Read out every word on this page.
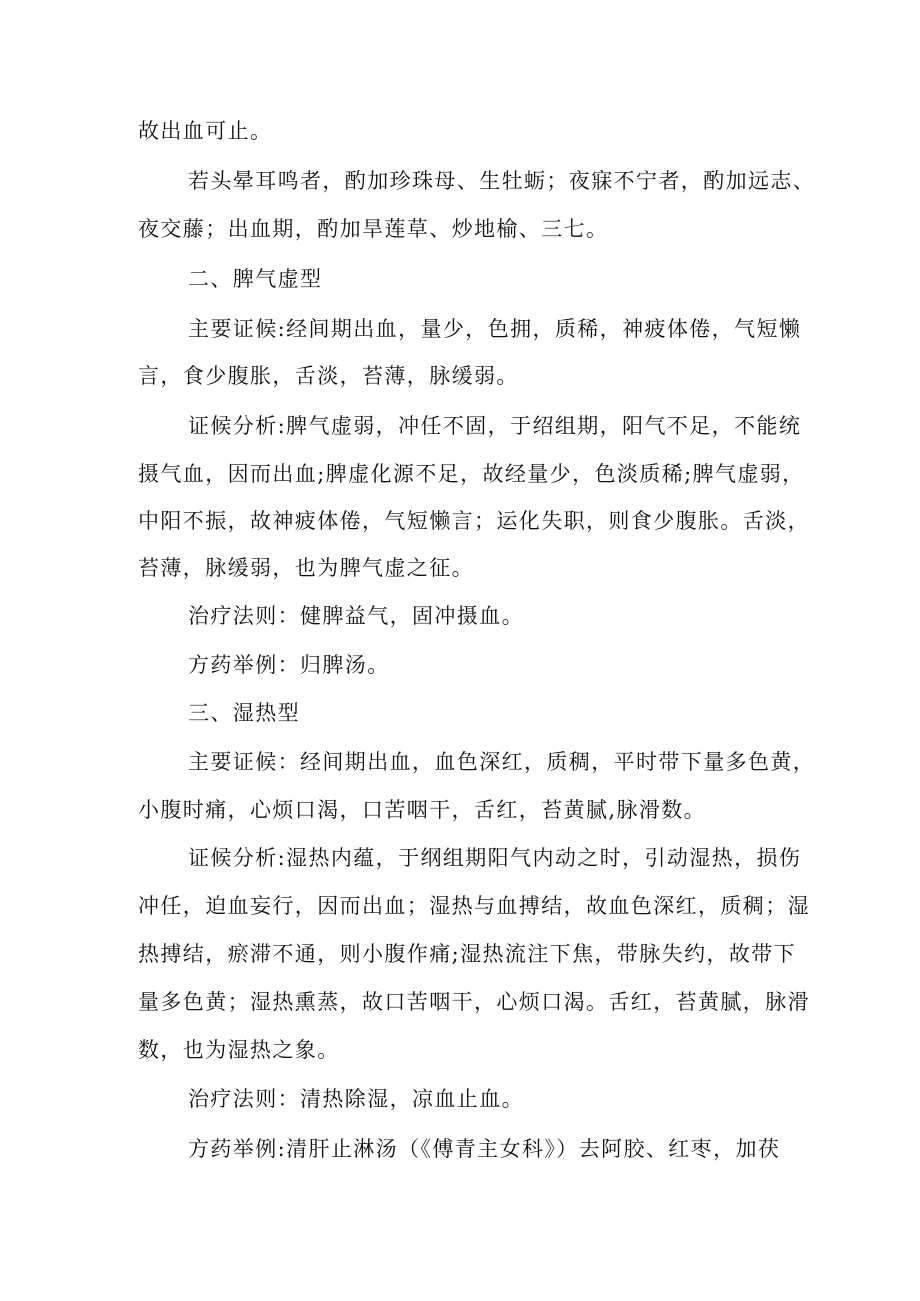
故出血可止。
若头晕耳鸣者，酌加珍珠母、生牡蛎；夜寐不宁者，酌加远志、
夜交藤；出血期，酌加旱莲草、炒地榆、三七。
二、脾气虚型
主要证候:经间期出血，量少，色拥，质稀，神疲体倦，气短懒
言，食少腹胀，舌淡，苔薄，脉缓弱。
证候分析:脾气虚弱，冲任不固，于绍组期，阳气不足，不能统
摄气血，因而出血;脾虚化源不足，故经量少，色淡质稀;脾气虚弱，
中阳不振，故神疲体倦，气短懒言；运化失职，则食少腹胀。舌淡，
苔薄，脉缓弱，也为脾气虚之征。
治疗法则：健脾益气，固冲摄血。
方药举例：归脾汤。
三、湿热型
主要证候：经间期出血，血色深红，质稠，平时带下量多色黄，
小腹时痛，心烦口渴，口苦咽干，舌红，苔黄腻,脉滑数。
证候分析:湿热内蕴，于纲组期阳气内动之时，引动湿热，损伤
冲任，迫血妄行，因而出血；湿热与血搏结，故血色深红，质稠；湿
热搏结，瘀滞不通，则小腹作痛;湿热流注下焦，带脉失约，故带下
量多色黄；湿热熏蒸，故口苦咽干，心烦口渴。舌红，苔黄腻，脉滑
数，也为湿热之象。
治疗法则：清热除湿，凉血止血。
方药举例:清肝止淋汤（《傅青主女科》）去阿胶、红枣，加茯
